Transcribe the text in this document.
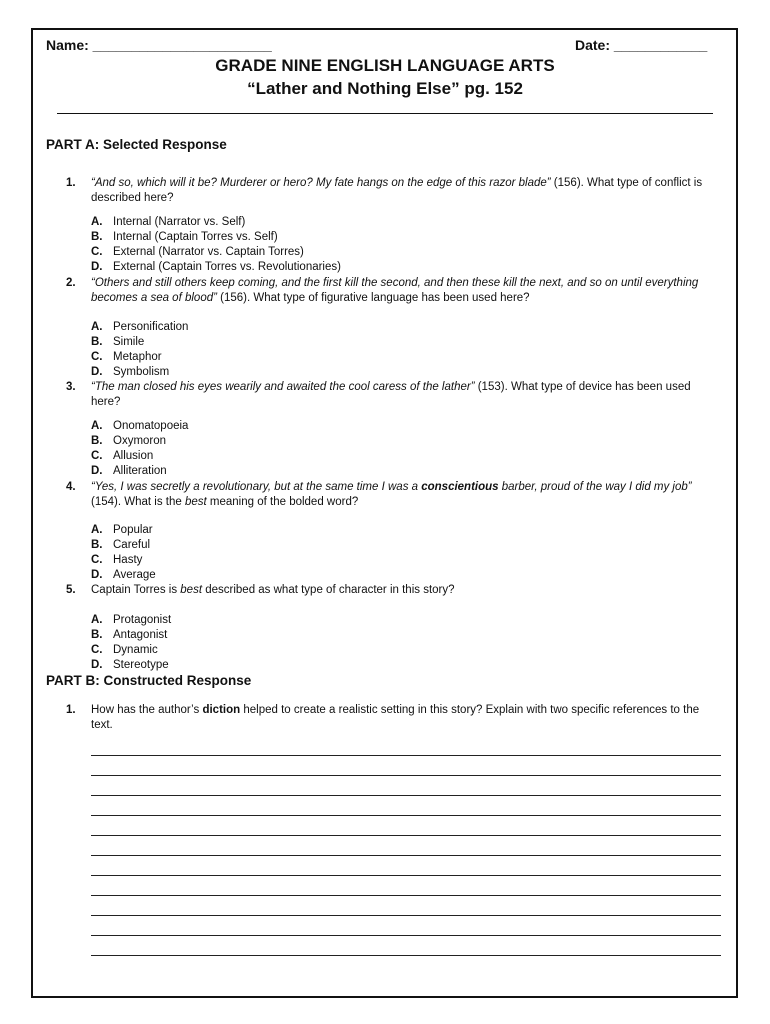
Name: _______________________	Date: ____________
GRADE NINE ENGLISH LANGUAGE ARTS
“Lather and Nothing Else” pg. 152
PART A: Selected Response
1. “And so, which will it be? Murderer or hero? My fate hangs on the edge of this razor blade” (156). What type of conflict is described here?
A. Internal (Narrator vs. Self)
B. Internal (Captain Torres vs. Self)
C. External (Narrator vs. Captain Torres)
D. External (Captain Torres vs. Revolutionaries)
2. “Others and still others keep coming, and the first kill the second, and then these kill the next, and so on until everything becomes a sea of blood” (156). What type of figurative language has been used here?
A. Personification
B. Simile
C. Metaphor
D. Symbolism
3. “The man closed his eyes wearily and awaited the cool caress of the lather” (153). What type of device has been used here?
A. Onomatopoeia
B. Oxymoron
C. Allusion
D. Alliteration
4. “Yes, I was secretly a revolutionary, but at the same time I was a conscientious barber, proud of the way I did my job” (154). What is the best meaning of the bolded word?
A. Popular
B. Careful
C. Hasty
D. Average
5. Captain Torres is best described as what type of character in this story?
A. Protagonist
B. Antagonist
C. Dynamic
D. Stereotype
PART B: Constructed Response
1. How has the author’s diction helped to create a realistic setting in this story? Explain with two specific references to the text.
